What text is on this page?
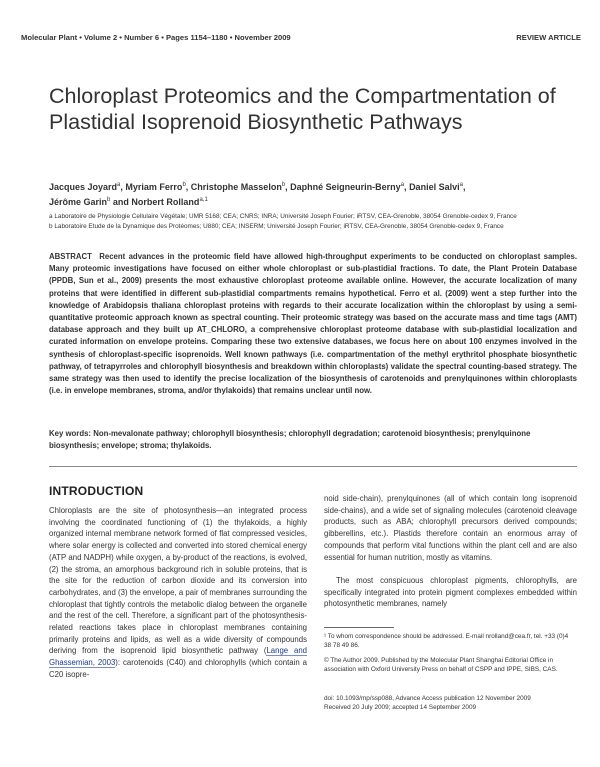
Molecular Plant • Volume 2 • Number 6 • Pages 1154–1180 • November 2009	REVIEW ARTICLE
Chloroplast Proteomics and the Compartmentation of Plastidial Isoprenoid Biosynthetic Pathways
Jacques Joyard$^a$, Myriam Ferro$^b$, Christophe Masselon$^b$, Daphné Seigneurin-Berny$^a$, Daniel Salvi$^a$,
Jérôme Garin$^b$ and Norbert Rolland$^{a,1}$
a Laboratoire de Physiologie Cellulaire Végétale; UMR 5168; CEA; CNRS; INRA; Université Joseph Fourier; iRTSV, CEA-Grenoble, 38054 Grenoble-cedex 9, France
b Laboratoire Etude de la Dynamique des Protéomes; U880; CEA; INSERM; Université Joseph Fourier; iRTSV, CEA-Grenoble, 38054 Grenoble-cedex 9, France

ABSTRACT Recent advances in the proteomic field have allowed high-throughput experiments to be conducted on chloroplast samples. Many proteomic investigations have focused on either whole chloroplast or sub-plastidial fractions. To date, the Plant Protein Database (PPDB, Sun et al., 2009) presents the most exhaustive chloroplast proteome available online. However, the accurate localization of many proteins that were identified in different sub-plastidial compartments remains hypothetical. Ferro et al. (2009) went a step further into the knowledge of Arabidopsis thaliana chloroplast proteins with regards to their accurate localization within the chloroplast by using a semi-quantitative proteomic approach known as spectral counting. Their proteomic strategy was based on the accurate mass and time tags (AMT) database approach and they built up AT_CHLORO, a comprehensive chloroplast proteome database with sub-plastidial localization and curated information on envelope proteins. Comparing these two extensive databases, we focus here on about 100 enzymes involved in the synthesis of chloroplast-specific isoprenoids. Well known pathways (i.e. compartmentation of the methyl erythritol phosphate biosynthetic pathway, of tetrapyrroles and chlorophyll biosynthesis and breakdown within chloroplasts) validate the spectral counting-based strategy. The same strategy was then used to identify the precise localization of the biosynthesis of carotenoids and prenylquinones within chloroplasts (i.e. in envelope membranes, stroma, and/or thylakoids) that remains unclear until now.

Key words: Non-mevalonate pathway; chlorophyll biosynthesis; chlorophyll degradation; carotenoid biosynthesis; prenylquinone biosynthesis; envelope; stroma; thylakoids.

INTRODUCTION

Chloroplasts are the site of photosynthesis—an integrated process involving the coordinated functioning of (1) the thylakoids, a highly organized internal membrane network formed of flat compressed vesicles, where solar energy is collected and converted into stored chemical energy (ATP and NADPH) while oxygen, a by-product of the reactions, is evolved, (2) the stroma, an amorphous background rich in soluble proteins, that is the site for the reduction of carbon dioxide and its conversion into carbohydrates, and (3) the envelope, a pair of membranes surrounding the chloroplast that tightly controls the metabolic dialog between the organelle and the rest of the cell. Therefore, a significant part of the photosynthesis-related reactions takes place in chloroplast membranes containing primarily proteins and lipids, as well as a wide diversity of compounds deriving from the isoprenoid lipid biosynthetic pathway (Lange and Ghassemian, 2003): carotenoids (C40) and chlorophylls (which contain a C20 isopre-

noid side-chain), prenylquinones (all of which contain long isoprenoid side-chains), and a wide set of signaling molecules (carotenoid cleavage products, such as ABA; chlorophyll precursors derived compounds; gibberellins, etc.). Plastids therefore contain an enormous array of compounds that perform vital functions within the plant cell and are also essential for human nutrition, mostly as vitamins.

The most conspicuous chloroplast pigments, chlorophylls, are specifically integrated into protein pigment complexes embedded within photosynthetic membranes, namely

¹ To whom correspondence should be addressed. E-mail nrolland@cea.fr, tel. +33 (0)4 38 78 49 86.

© The Author 2009. Published by the Molecular Plant Shanghai Editorial Office in association with Oxford University Press on behalf of CSPP and IPPE, SIBS, CAS.

doi: 10.1093/mp/ssp088, Advance Access publication 12 November 2009

Received 20 July 2009; accepted 14 September 2009
